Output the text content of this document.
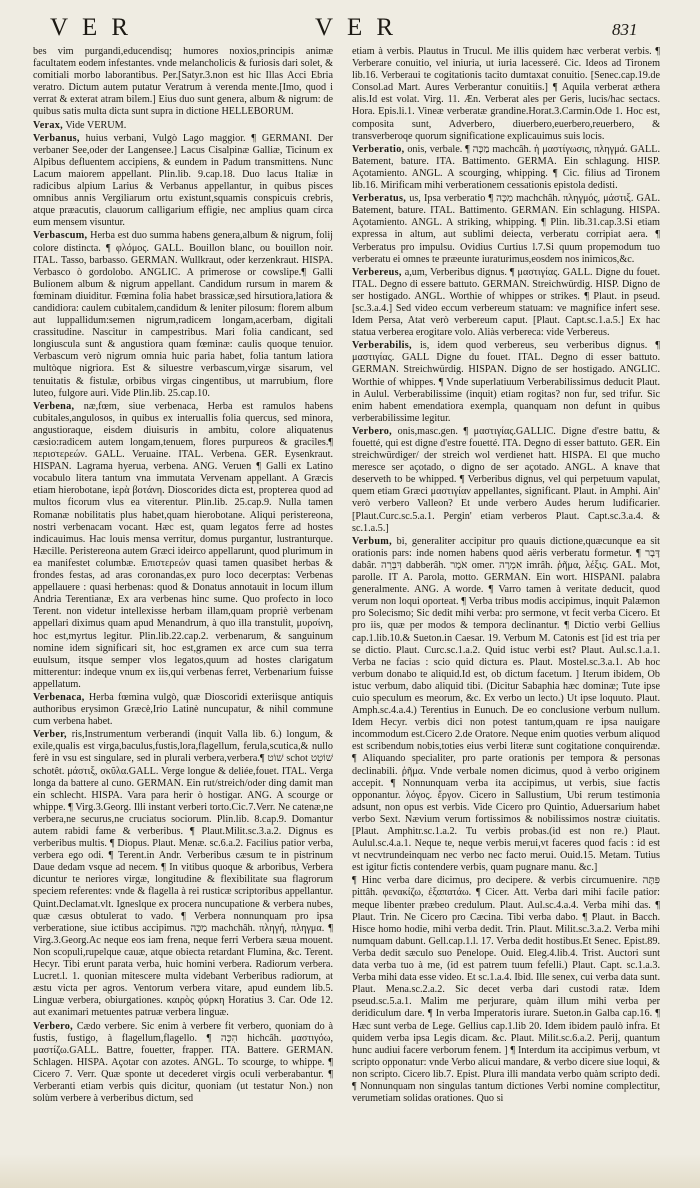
VER	VER	831

bes vim purgandi,educendisq; humores noxios,principis animæ facultatem eodem infestantes. vnde melancholicis & furiosis dari solet, & comitiali morbo laborantibus. Per.[Satyr.3.non est hic Illas Acci Ebria veratro. Dictum autem putatur Veratrum à verenda mente.[Imo, quod i verrat & exterat atram bilem.] Eius duo sunt genera, album & nigrum: de quibus satis multa dicta sunt supra in dictione HELLEBORUM.

Verax, Vide VERUM.

Verbanus, huius verbani, Vulgò Lago maggior. ¶ GERMANI. Der verbaner See,oder der Langensee.] Lacus Cisalpinæ Galliæ, Ticinum ex Alpibus defluentem accipiens, & eundem in Padum transmittens. Nunc Lacum maiorem appellant. Plin.lib. 9.cap.18. Duo lacus Italiæ in radicibus alpium Larius & Verbanus appellantur, in quibus pisces omnibus annis Vergiliarum ortu existunt,squamis conspicuis crebris, atque præacutis, clauorum calligarium effigie, nec amplius quam circa eum mensem visuntur.

Verbascum, Herba est duo summa habens genera,album & nigrum, folij colore distincta. ¶ φλόμος. GALL. Bouillon blanc, ou bouillon noir. ITAL. Tasso, barbasso. GERMAN. Wullkraut, oder kerzenkraut. HISPA. Verbasco ò gordolobo. ANGLIC. A primerose or cowslipe.¶ Galli Bulionem album & nigrum appellant. Candidum rursum in marem & fœminam diuiditur. Fœmina folia habet brassicæ,sed hirsutiora,latiora & candidiora: caulem cubitalem,candidum & leniter pilosum: florem album aut luppallidum:semen nigrum,radicem longam,acerbam, digitali crassitudine. Nascitur in campestribus. Mari folia candicant, sed longiuscula sunt & angustiora quam fœminæ: caulis quoque tenuior. Verbascum verò nigrum omnia huic paria habet, folia tantum latiora multòque nigriora. Est & siluestre verbascum,virgæ sisarum, vel tenuitatis & fistulæ, orbibus virgas cingentibus, ut marrubium, flore luteo, fulgore auri. Vide Plin.lib. 25.cap.10.

Verbena, næ,fœm, siue verbenaca, Herba est ramulos habens cubitales,angulosos, in quibus ex interuallis folia quercus, sed minora, angustioraque, eisdem diuisuris in ambitu, colore aliquatenus cæsio:radicem autem longam,tenuem, flores purpureos & graciles.¶ περιστερεών. GALL. Veruaine. ITAL. Verbena. GER. Eysenkraut. HISPAN. Lagrama hyerua, verbena. ANG. Veruen ¶ Galli ex Latino vocabulo litera tantum vna immutata Vervenam appellant. A Græcis etiam hierobotane, ἱερὰ βοτάνη. Dioscorides dicta est, propterea quod ad multos ficorum vlus ea viterentur. Plin.lib. 25.cap.9. Nulla tamen Romanæ nobilitatis plus habet,quam hierobotane. Aliqui peristereona, nostri verbenacam vocant. Hæc est, quam legatos ferre ad hostes indicauimus. Hac louis mensa verritur, domus purgantur, lustranturque. Hæcille. Peristereona autem Græci ideirco appellarunt, quod plurimum in ea manifestet columbæ. Επιστερεών quasi tamen quasibet herbas & frondes festas, ad aras coronandas,ex puro loco decerptas: Verbenas appellauere : quasi herbenas: quod & Donatus annotauit in locum illum Andria Terentianæ, Ex ara verbenas hinc sume. Quo profecto in loco Terent. non videtur intellexisse herbam illam,quam propriè verbenam appellari diximus quam apud Menandrum, à quo illa transtulit, μυρσίνη, hoc est,myrtus legitur. Plin.lib.22.cap.2. verbenarum, & sanguinum nomine idem significari sit, hoc est,gramen ex arce cum sua terra euulsum, itsque semper vlos legatos,quum ad hostes clarigatum mitterentur: indeque vnum ex iis,qui verbenas ferret, Verbenarium fuisse appellatum.

Verbenaca, Herba fœmina vulgò, quæ Dioscoridi exteriisque antiquis authoribus erysimon Græcè,Irio Latinè nuncupatur, & nihil commune cum verbena habet.

Verber, ris,Instrumentum verberandi (inquit Valla lib. 6.) longum, & exile,qualis est virga,baculus,fustis,lora,flagellum, ferula,scutica,& nullo ferè in vsu est singulare, sed in plurali verbera,verbera.¶ שׁוֹט schot שׁוֹטֵט schotêt. μάστιξ, σκῦλα.GALL. Verge longue & deliée,fouet. ITAL. Verga longa da battere al cuno. GERMAN. Ein rut/streich/oder ding damit man ein schlecht. HISPA. Vara para herir ò hostigar. ANG. A scourge or whippe. ¶ Virg.3.Georg. Illi instant verberi torto.Cic.7.Verr. Ne catenæ,ne verbera,ne securus,ne cruciatus sociorum. Plin.lib. 8.cap.9. Domantur autem rabidi fame & verberibus. ¶ Plaut.Milit.sc.3.a.2. Dignus es verberibus multis. ¶ Diopus. Plaut. Menæ. sc.6.a.2. Facilius patior verba, verbera ego odi. ¶ Terent.in Andr. Verberibus cæsum te in pistrinum Daue dedam vsque ad necem. ¶ In vitibus quoque & arboribus, Verbera dicuntur te neriores virgæ, longitudine & flexibilitate sua flagrorum speciem referentes: vnde & flagella à rei rusticæ scriptoribus appellantur. Quint.Declamat.vlt. Igneslque ex procera nuncupatione & verbera nubes, quæ cæsus obtulerat to vado. ¶ Verbera nonnunquam pro ipsa verberatione, siue ictibus accipimus. מַכָּה machchâh. πληγή, πληγμα. ¶ Virg.3.Georg.Ac neque eos iam frena, neque ferri Verbera sæua mouent. Non scopuli,rupelque cauæ, atque obiecta retardant Flumina, &c. Terent. Hecyr. Tibi erunt parata verba, huic homini verbera. Radiorum verbera. Lucret.l. 1. quonian mitescere multa videbant Verberibus radiorum, at æstu victa per agros. Ventorum verbera vitare, apud eundem lib.5. Linguæ verbera, obiurgationes. καιρὸς φύρκη Horatius 3. Car. Ode 12. aut exanimari metuentes patruæ verbera linguæ.

Verbero, Cædo verbere. Sic enim à verbere fit verbero, quoniam do à fustis, fustigo, à flagellum,flagello. ¶ הִכָּה hichcâh. μαστιγόω, μαστίζω.GALL. Battre, fouetter, frapper. ITA. Battere. GERMAN. Schlagen. HISPA. Açotar con azotes. ANGL. To scourge, to whippe. ¶ Cicero 7. Verr. Quæ sponte ut decederet virgis oculi verberabantur. ¶ Verberanti etiam verbis quis dicitur, quoniam (ut testatur Non.) non solùm verbere à verberibus dictum, sed

etiam à verbis. Plautus in Trucul. Me illis quidem hæc verberat verbis. ¶ Verberare conuitio, vel iniuria, ut iuria lacesseré. Cic. Ideos ad Tironem lib.16. Verberaui te cogitationis tacito dumtaxat conuitio. [Senec.cap.19.de Consol.ad Mart. Aures Verberantur conuitiis.] ¶ Aquila verberat æthera alis.Id est volat. Virg. 11. Æn. Verberat ales per Geris, lucis/hac sectacs. Hora. Epis.li.1. Vineæ verberatæ grandine.Horat.3.Carmin.Ode 1. Hoc est, composita sunt, Adverbero, diuerbero,euerbero,reuerbero, & transverberoqe quorum significatione explicauimus suis locis.

Verberatio, onis, verbale. ¶ מַכָּה machcâh. ἡ μαστίγωσις, πληγμά. GALL. Batement, bature. ITA. Battimento. GERMA. Ein schlagung. HISP. Açotamiento. ANGL. A scourging, whipping. ¶ Cic. filius ad Tironem lib.16. Mirificam mihi verberationem cessationis epistola dedisti.

Verberatus, us, Ipsa verberatio ¶ מַכָּה machchâh. πληγμός, μάστιξ. GAL. Batement, bature. ITAL. Battimento. GERMAN. Ein schlagung. HISPA. Açotamiento. ANGL. A striking, whipping. ¶ Plin. lib.31.cap.3.Si etiam expressa in altum, aut sublimi deiecta, verberatu corripiat aera. ¶ Verberatus pro impulsu. Ovidius Curtius l.7.Si quum propemodum tuo verberatu ei omnes te præeunte iuraturimus,eosdem nos inimicos,&c.

Verbereus, a,um, Verberibus dignus. ¶ μαστιγίας. GALL. Digne du fouet. ITAL. Degno di essere battuto. GERMAN. Streichwürdig. HISP. Digno de ser hostigado. ANGL. Worthie of whippes or strikes. ¶ Plaut. in pseud. [sc.3.a.4.] Sed video eccum verbereum statuam: ve magnifice infert sese. Idem Persa, Atat verò verbereum caput. [Plaut. Capt.sc.1.a.5.] Ex hac statua verberea erogitare volo. Aliàs verbereca: vide Verbereus.

Verberabilis, is, idem quod verbereus, seu verberibus dignus. ¶ μαστιγίας. GALL Digne du fouet. ITAL. Degno di esser battuto. GERMAN. Streichwürdig. HISPAN. Digno de ser hostigado. ANGLIC. Worthie of whippes. ¶ Vnde superlatiuum Verberabilissimus deducit Plaut. in Aulul. Verberabilissime (inquit) etiam rogitas? non fur, sed trifur. Sic enim habent emendatiora exempla, quanquam non defunt in quibus verberabilissime legitur.

Verbero, onis,masc.gen. ¶ μαστιγίας.GALLIC. Digne d'estre battu, & fouetté, qui est digne d'estre fouetté. ITA. Degno di esser battuto. GER. Ein streichwürdiger/ der streich wol verdienet hatt. HISPA. El que mucho meresce ser açotado, o digno de ser açotado. ANGL. A knave that deserveth to be whipped. ¶ Verberibus dignus, vel qui perpetuum vapulat, quem etiam Græci μαστιγίαν appellantes, significant. Plaut. in Amphi. Ain' verò verbero Valleon? Et unde verbero Audes herum ludificarier. [Plaut.Curc.sc.5.a.1. Pergin' etiam verberos Plaut. Capt.sc.3.a.4. & sc.1.a.5.]

Verbum, bi, generaliter accipitur pro quauis dictione,quæcunque ea sit orationis pars: inde nomen habens quod aëris verberatu formetur. ¶ דָּבָר dabâr. דִּבְּרֵה dabberâh. אֹמֶר omer. אִמְרָה imrâh. ῥῆμα, λέξις. GAL. Mot, parolle. IT A. Parola, motto. GERMAN. Ein wort. HISPANI. palabra generalmente. ANG. A worde. ¶ Varro tamen à veritate deducit, quod verum non loqui oporteat. ¶ Verba tribus modis accipimus, inquit Palæmon pro Solecismo; Sic dedit mihi verba: pro sermone, vt fecit verba Cicero. Et pro iis, quæ per modos & tempora declinantur. ¶ Dictio verbi Gellius cap.1.lib.10.& Sueton.in Caesar. 19. Verbum M. Catonis est [id est tria per se dictio. Plaut. Curc.sc.1.a.2. Quid istuc verbi est? Plaut. Aul.sc.1.a.1. Verba ne facias : scio quid dictura es. Plaut. Mostel.sc.3.a.1. Ab hoc verbum donabo te aliquid.Id est, ob dictum facetum. ] Iterum ibidem, Ob istuc verbum, dabo aliquid tibi. (Dicitur Sabaphia hæc dominæ; Tute ipse cuio speculum es meorum, &c. Ex verbo un lecto.) Ut ipse loquuto. Plaut. Amph.sc.4.a.4.) Terentius in Eunuch. De eo conclusione verbum nullum. Idem Hecyr. verbis dici non potest tantum,quam re ipsa nauigare incommodum est.Cicero 2.de Oratore. Neque enim quoties verbum aliquod est scribendum nobis,toties eius verbi literæ sunt cogitatione conquirendæ. ¶ Aliquando specialiter, pro parte orationis per tempora & personas declinabili. ῥῆμα. Vnde verbale nomen dicimus, quod à verbo originem accepit. ¶ Nonnunquam verba ita accipimus, ut verbis, siue factis opponantur. λόγος. ἔργον. Cicero in Sallustium, Ubi rerum testimonia adsunt, non opus est verbis. Vide Cicero pro Quintio, Aduersarium habet verbo Sext. Nævium verum fortissimos & nobilissimos nostræ ciuitatis. [Plaut. Amphitr.sc.1.a.2. Tu verbis probas.(id est non re.) Plaut. Aulul.sc.4.a.1. Neque te, neque verbis merui,vt faceres quod facis : id est vt necvtrundeinquam nec verbo nec facto merui. Ouid.15. Metam. Tutius est igitur fictis contendere verbis, quam pugnare manu. &c.]

¶ Hinc verba dare dicimus, pro decipere. & verbis circumuenire. פִּתָּה pittâh. φενακίζω, ἐξαπατάω. ¶ Cicer. Att. Verba dari mihi facile patior: meque libenter præbeo credulum. Plaut. Aul.sc.4.a.4. Verba mihi das. ¶ Plaut. Trin. Ne Cicero pro Cæcina. Tibi verba dabo. ¶ Plaut. in Bacch. Hisce homo hodie, mihi verba dedit. Trin. Plaut. Milit.sc.3.a.2. Verba mihi numquam dabunt. Gell.cap.1.l. 17. Verba dedit hostibus.Et Senec. Epist.89. Verba dedit sæculo suo Penelope. Ouid. Eleg.4.lib.4. Trist. Auctori sunt data verba tuo à me, (id est patrem tuum fefelli.) Plaut. Capt. sc.1.a.3. Verba mihi data esse video. Et sc.1.a.4. Ibid. Ille senex, cui verba data sunt. Plaut. Mena.sc.2.a.2. Sic decet verba dari custodi ratæ. Idem pseud.sc.5.a.1. Malim me perjurare, quàm illum mihi verba per deridiculum dare. ¶ In verba Imperatoris iurare. Sueton.in Galba cap.16. ¶ Hæc sunt verba de Lege. Gellius cap.1.lib 20. Idem ibidem paulò infra. Et quidem verba ipsa Legis dicam. &c. Plaut. Milit.sc.6.a.2. Perij, quantum hunc audiui facere verborum fenem. ] ¶ Interdum ita accipimus verbum, vt scripto opponatur: vnde Verbo alicui mandare, & verbo dicere siue loqui, & non scripto. Cicero lib.7. Epist. Plura illi mandata verbo quàm scripto dedi. ¶ Nonnunquam non singulas tantum dictiones Verbi nomine complectitur, verumetiam solidas orationes. Quo si
